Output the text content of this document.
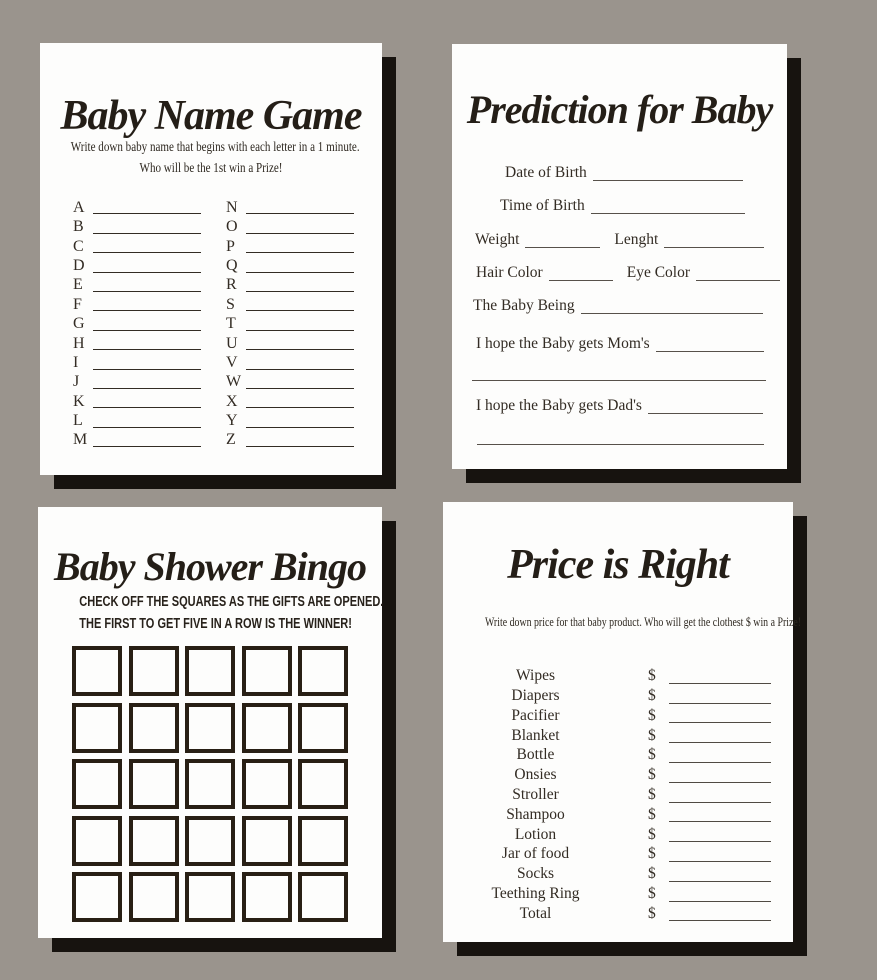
Baby Name Game
Write down baby name that begins with each letter in a 1 minute.
Who will be the 1st win a Prize!
A
B
C
D
E
F
G
H
I
J
K
L
M
N
O
P
Q
R
S
T
U
V
W
X
Y
Z
Prediction for Baby
Date of Birth
Time of Birth
Weight	Lenght
Hair Color	Eye Color
The Baby Being
I hope the Baby gets Mom's
I hope the Baby gets Dad's
Baby Shower Bingo
CHECK OFF THE SQUARES AS THE GIFTS ARE OPENED.
THE FIRST TO GET FIVE IN A ROW IS THE WINNER!
Price is Right
Write down price for that baby product. Who will get the clothest $ win a Prize!
Wipes	$
Diapers	$
Pacifier	$
Blanket	$
Bottle	$
Onsies	$
Stroller	$
Shampoo	$
Lotion	$
Jar of food	$
Socks	$
Teething Ring	$
Total	$
